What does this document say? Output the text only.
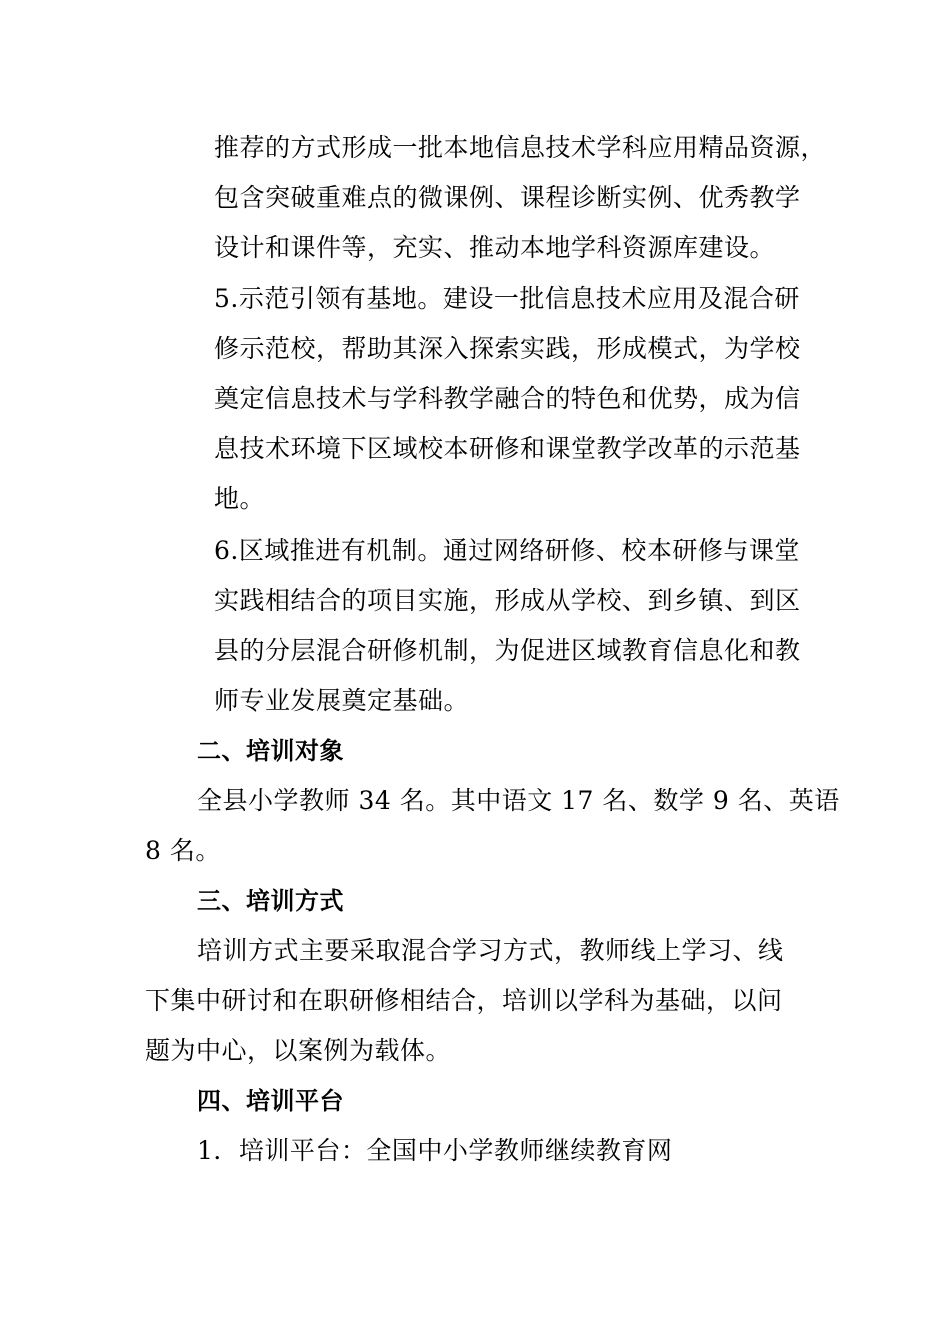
推荐的方式形成一批本地信息技术学科应用精品资源，
包含突破重难点的微课例、课程诊断实例、优秀教学
设计和课件等，充实、推动本地学科资源库建设。
5.示范引领有基地。建设一批信息技术应用及混合研
修示范校，帮助其深入探索实践，形成模式，为学校
奠定信息技术与学科教学融合的特色和优势，成为信
息技术环境下区域校本研修和课堂教学改革的示范基
地。
6.区域推进有机制。通过网络研修、校本研修与课堂
实践相结合的项目实施，形成从学校、到乡镇、到区
县的分层混合研修机制，为促进区域教育信息化和教
师专业发展奠定基础。
二、培训对象
全县小学教师 34 名。其中语文 17 名、数学 9 名、英语
8 名。
三、培训方式
培训方式主要采取混合学习方式，教师线上学习、线
下集中研讨和在职研修相结合，培训以学科为基础，以问
题为中心，以案例为载体。
四、培训平台
1．培训平台：全国中小学教师继续教育网
